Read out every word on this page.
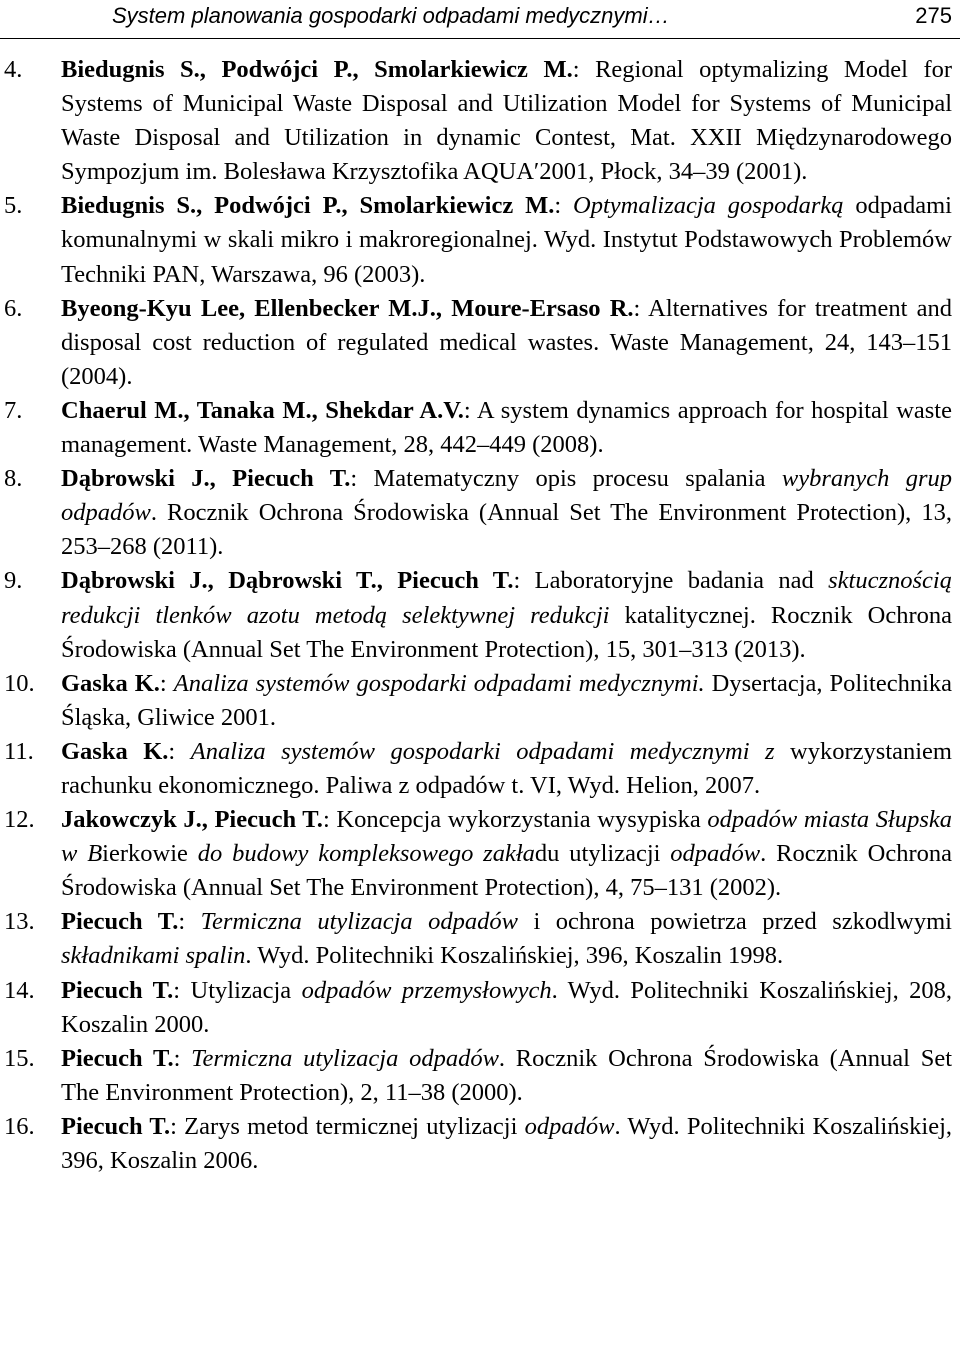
System planowania gospodarki odpadami medycznymi…	275
4. Biedugnis S., Podwójci P., Smolarkiewicz M.: Regional optymalizing Model for Systems of Municipal Waste Disposal and Utilization Model for Systems of Municipal Waste Disposal and Utilization in dynamic Contest, Mat. XXII Międzynarodowego Sympozjum im. Bolesława Krzysztofika AQUA′2001, Płock, 34–39 (2001).
5. Biedugnis S., Podwójci P., Smolarkiewicz M.: Optymalizacja gospodarką odpadami komunalnymi w skali mikro i makroregionalnej. Wyd. Instytut Podstawowych Problemów Techniki PAN, Warszawa, 96 (2003).
6. Byeong-Kyu Lee, Ellenbecker M.J., Moure-Ersaso R.: Alternatives for treatment and disposal cost reduction of regulated medical wastes. Waste Management, 24, 143–151 (2004).
7. Chaerul M., Tanaka M., Shekdar A.V.: A system dynamics approach for hospital waste management. Waste Management, 28, 442–449 (2008).
8. Dąbrowski J., Piecuch T.: Matematyczny opis procesu spalania wybranych grup odpadów. Rocznik Ochrona Środowiska (Annual Set The Environment Protection), 13, 253–268 (2011).
9. Dąbrowski J., Dąbrowski T., Piecuch T.: Laboratoryjne badania nad sktucznością redukcji tlenków azotu metodą selektywnej redukcji katalitycznej. Rocznik Ochrona Środowiska (Annual Set The Environment Protection), 15, 301–313 (2013).
10. Gaska K.: Analiza systemów gospodarki odpadami medycznymi. Dysertacja, Politechnika Śląska, Gliwice 2001.
11. Gaska K.: Analiza systemów gospodarki odpadami medycznymi z wykorzystaniem rachunku ekonomicznego. Paliwa z odpadów t. VI, Wyd. Helion, 2007.
12. Jakowczyk J., Piecuch T.: Koncepcja wykorzystania wysypiska odpadów miasta Słupska w Bierkowie do budowy kompleksowego zakładu utylizacji odpadów. Rocznik Ochrona Środowiska (Annual Set The Environment Protection), 4, 75–131 (2002).
13. Piecuch T.: Termiczna utylizacja odpadów i ochrona powietrza przed szkodlwymi składnikami spalin. Wyd. Politechniki Koszalińskiej, 396, Koszalin 1998.
14. Piecuch T.: Utylizacja odpadów przemysłowych. Wyd. Politechniki Koszalińskiej, 208, Koszalin 2000.
15. Piecuch T.: Termiczna utylizacja odpadów. Rocznik Ochrona Środowiska (Annual Set The Environment Protection), 2, 11–38 (2000).
16. Piecuch T.: Zarys metod termicznej utylizacji odpadów. Wyd. Politechniki Koszalińskiej, 396, Koszalin 2006.
